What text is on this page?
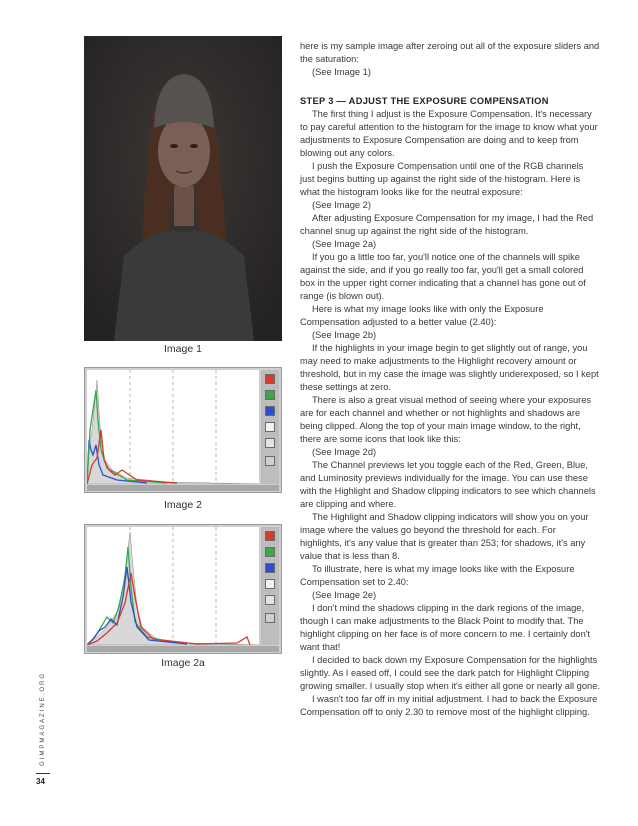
Image 1
Image 2
Image 2a
GIMPMAGAZINE.ORG
34

here is my sample image after zeroing out all of the exposure sliders and the saturation:

(See Image 1)

STEP 3 — ADJUST THE EXPOSURE COMPENSATION

The first thing I adjust is the Exposure Compensation. It's necessary to pay careful attention to the histogram for the image to know what your adjustments to Exposure Compensation are doing and to keep from blowing out any colors.

I push the Exposure Compensation until one of the RGB channels just begins butting up against the right side of the histogram. Here is what the histogram looks like for the neutral exposure:

(See Image 2)

After adjusting Exposure Compensation for my image, I had the Red channel snug up against the right side of the histogram.

(See Image 2a)

If you go a little too far, you'll notice one of the channels will spike against the side, and if you go really too far, you'll get a small colored box in the upper right corner indicating that a channel has gone out of range (is blown out).

Here is what my image looks like with only the Exposure Compensation adjusted to a better value (2.40):

(See Image 2b)

If the highlights in your image begin to get slightly out of range, you may need to make adjustments to the Highlight recovery amount or threshold, but in my case the image was slightly underexposed, so I kept these settings at zero.

There is also a great visual method of seeing where your exposures are for each channel and whether or not highlights and shadows are being clipped. Along the top of your main image window, to the right, there are some icons that look like this:

(See Image 2d)

The Channel previews let you toggle each of the Red, Green, Blue, and Luminosity previews individually for the image. You can use these with the Highlight and Shadow clipping indicators to see which channels are clipping and where.

The Highlight and Shadow clipping indicators will show you on your image where the values go beyond the threshold for each. For highlights, it's any value that is greater than 253; for shadows, it's any value that is less than 8.

To illustrate, here is what my image looks like with the Exposure Compensation set to 2.40:

(See Image 2e)

I don't mind the shadows clipping in the dark regions of the image, though I can make adjustments to the Black Point to modify that. The highlight clipping on her face is of more concern to me. I certainly don't want that!

I decided to back down my Exposure Compensation for the highlights slightly. As I eased off, I could see the dark patch for Highlight Clipping growing smaller. I usually stop when it's either all gone or nearly all gone.

I wasn't too far off in my initial adjustment. I had to back the Exposure Compensation off to only 2.30 to remove most of the highlight clipping.
